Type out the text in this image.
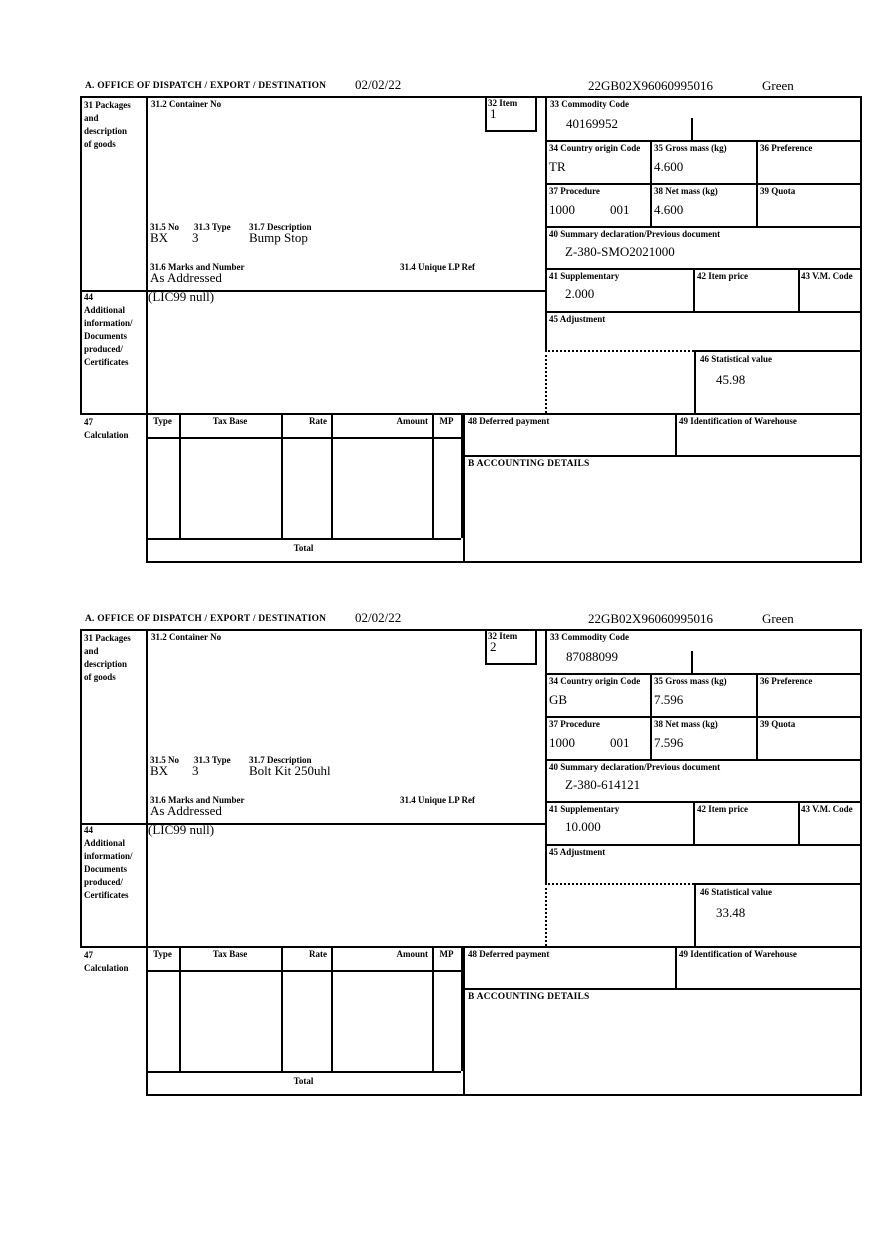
A. OFFICE OF DISPATCH / EXPORT / DESTINATION 02/02/22	22GB02X96060995016	Green
31 Packages
and
description
of goods
31.2 Container No	32 Item
1
31.5 No 31.3 Type 31.7 Description
BX 3	Bump Stop
31.6 Marks and Number	31.4 Unique LP Ref
As Addressed
33 Commodity Code
40169952
34 Country origin Code
TR
35 Gross mass (kg)
4.600
36 Preference
37 Procedure
1000	001
38 Net mass (kg)
4.600
39 Quota
40 Summary declaration/Previous document
Z-380-SMO2021000
41 Supplementary
2.000
42 Item price	43 V.M. Code
45 Adjustment
46 Statistical value
45.98
44
Additional
information/
Documents
produced/
Certificates
(LIC99 null)
47
Calculation
Type	Tax Base	Rate	Amount	MP
Total
48 Deferred payment	49 Identification of Warehouse
B ACCOUNTING DETAILS
A. OFFICE OF DISPATCH / EXPORT / DESTINATION 02/02/22	22GB02X96060995016	Green
31 Packages
and
description
of goods
31.2 Container No	32 Item
2
31.5 No 31.3 Type 31.7 Description
BX 3	Bolt Kit 250uhl
31.6 Marks and Number	31.4 Unique LP Ref
As Addressed
33 Commodity Code
87088099
34 Country origin Code
GB
35 Gross mass (kg)
7.596
36 Preference
37 Procedure
1000	001
38 Net mass (kg)
7.596
39 Quota
40 Summary declaration/Previous document
Z-380-614121
41 Supplementary
10.000
42 Item price	43 V.M. Code
45 Adjustment
46 Statistical value
33.48
44
Additional
information/
Documents
produced/
Certificates
(LIC99 null)
47
Calculation
Type	Tax Base	Rate	Amount	MP
Total
48 Deferred payment	49 Identification of Warehouse
B ACCOUNTING DETAILS
